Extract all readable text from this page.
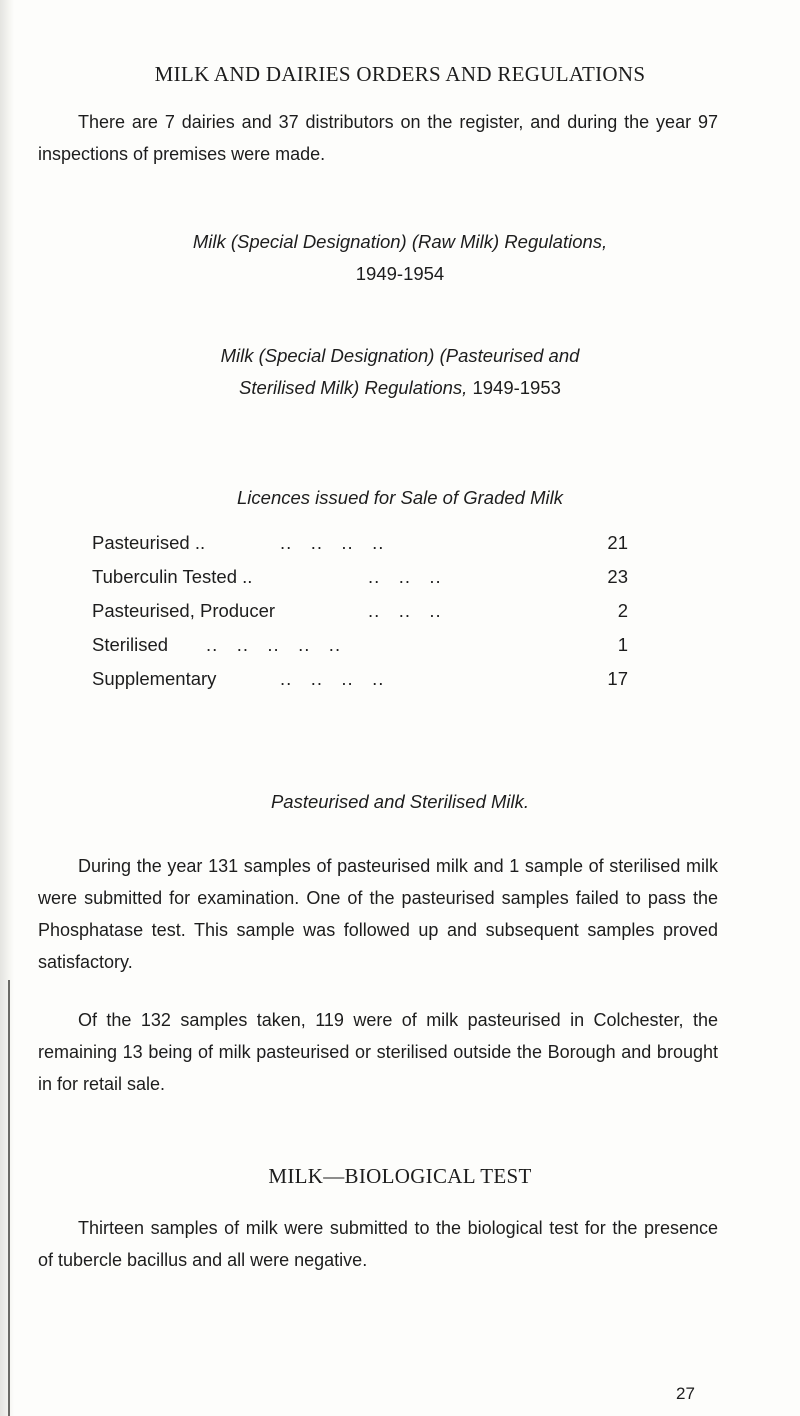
MILK AND DAIRIES ORDERS AND REGULATIONS
There are 7 dairies and 37 distributors on the register, and during the year 97 inspections of premises were made.
Milk (Special Designation) (Raw Milk) Regulations,
1949-1954
Milk (Special Designation) (Pasteurised and
Sterilised Milk) Regulations, 1949-1953
Licences issued for Sale of Graded Milk
Pasteurised ..	..   ..   ..   ..	21
Tuberculin Tested ..	..   ..   ..	23
Pasteurised, Producer	..   ..   ..	2
Sterilised ..   ..   ..   ..   ..	1
Supplementary	..   ..   ..   ..	17
Pasteurised and Sterilised Milk.
During the year 131 samples of pasteurised milk and 1 sample of sterilised milk were submitted for examination. One of the pasteurised samples failed to pass the Phosphatase test. This sample was followed up and subsequent samples proved satisfactory.
Of the 132 samples taken, 119 were of milk pasteurised in Colchester, the remaining 13 being of milk pasteurised or sterilised outside the Borough and brought in for retail sale.
MILK—BIOLOGICAL TEST
Thirteen samples of milk were submitted to the biological test for the presence of tubercle bacillus and all were negative.
27
